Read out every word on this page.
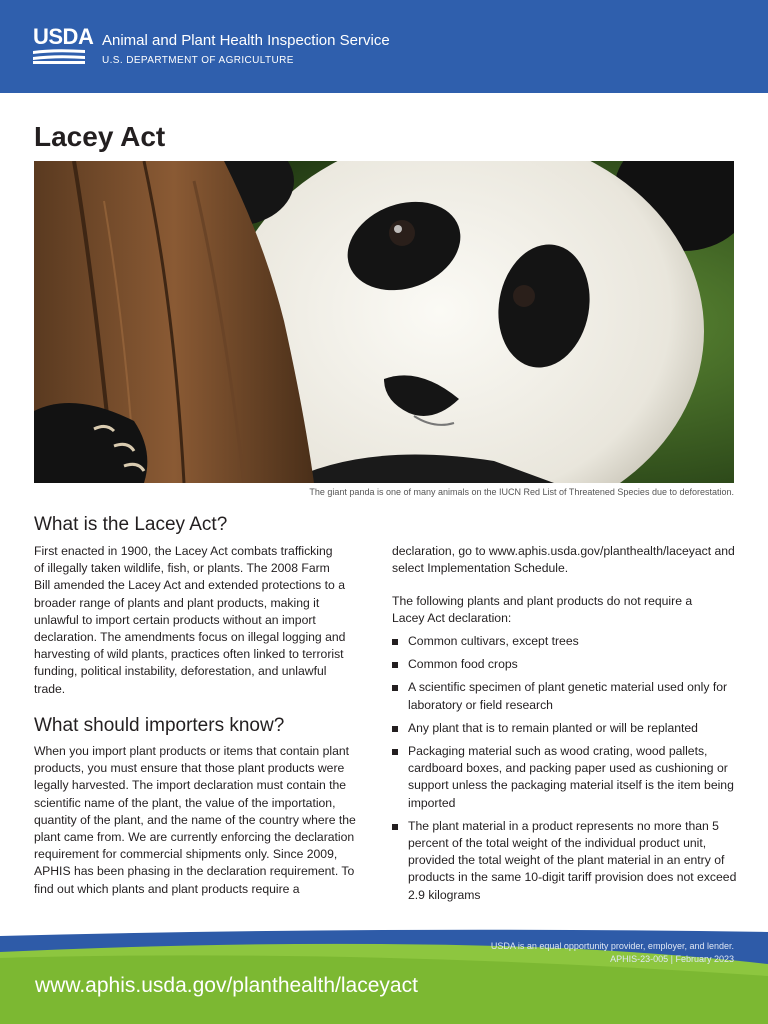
USDA Animal and Plant Health Inspection Service
U.S. DEPARTMENT OF AGRICULTURE
Lacey Act
The giant panda is one of many animals on the IUCN Red List of Threatened Species due to deforestation.
What is the Lacey Act?

First enacted in 1900, the Lacey Act combats trafficking of illegally taken wildlife, fish, or plants. The 2008 Farm Bill amended the Lacey Act and extended protections to a broader range of plants and plant products, making it unlawful to import certain products without an import declaration. The amendments focus on illegal logging and harvesting of wild plants, practices often linked to terrorist funding, political instability, deforestation, and unlawful trade.

What should importers know?

When you import plant products or items that contain plant products, you must ensure that those plant products were legally harvested. The import declaration must contain the scientific name of the plant, the value of the importation, quantity of the plant, and the name of the country where the plant came from. We are currently enforcing the declaration requirement for commercial shipments only. Since 2009, APHIS has been phasing in the declaration requirement. To find out which plants and plant products require a

declaration, go to www.aphis.usda.gov/planthealth/laceyact and select Implementation Schedule.

The following plants and plant products do not require a Lacey Act declaration:

Common cultivars, except trees
Common food crops
A scientific specimen of plant genetic material used only for laboratory or field research
Any plant that is to remain planted or will be replanted
Packaging material such as wood crating, wood pallets, cardboard boxes, and packing paper used as cushioning or support unless the packaging material itself is the item being imported
The plant material in a product represents no more than 5 percent of the total weight of the individual product unit, provided the total weight of the plant material in an entry of products in the same 10-digit tariff provision does not exceed 2.9 kilograms
USDA is an equal opportunity provider, employer, and lender.
APHIS-23-005 | February 2023
www.aphis.usda.gov/planthealth/laceyact
